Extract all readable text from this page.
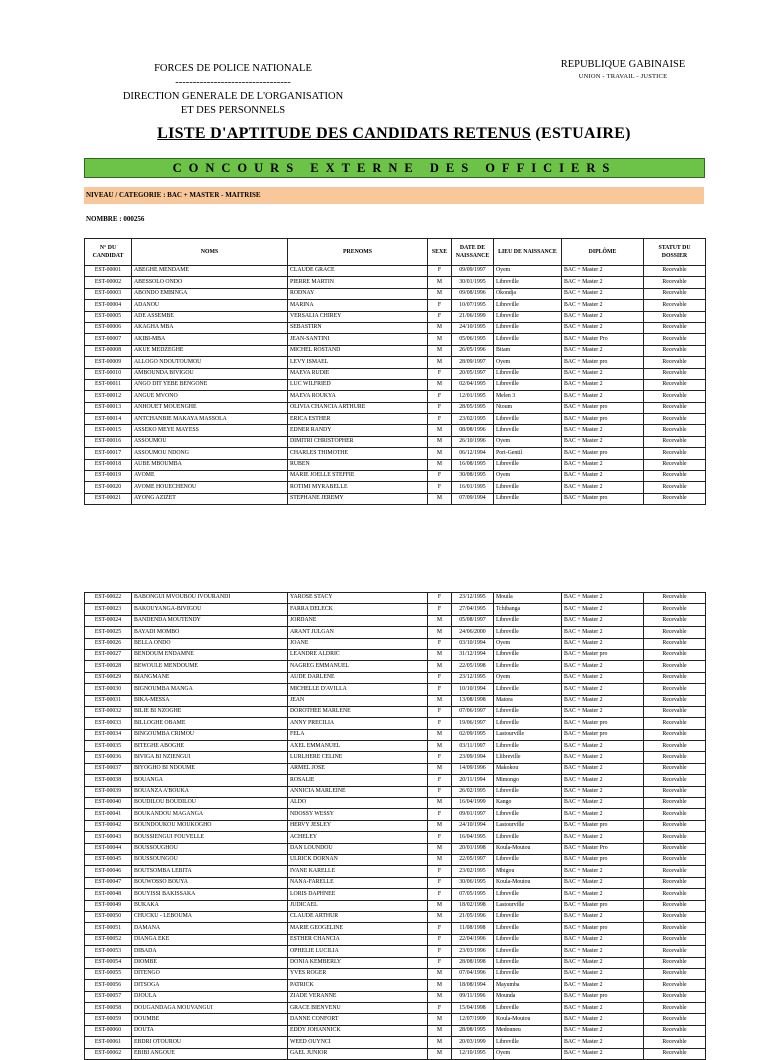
FORCES DE POLICE NATIONALE
---------------------------------
DIRECTION GENERALE DE L'ORGANISATION
ET DES PERSONNELS
REPUBLIQUE GABINAISE
UNION - TRAVAIL - JUSTICE
LISTE D'APTITUDE DES CANDIDATS RETENUS (ESTUAIRE)
CONCOURS EXTERNE DES OFFICIERS
NIVEAU / CATEGORIE : BAC + MASTER - MAITRISE
NOMBRE : 000256
N° DU CANDIDAT	NOMS	PRENOMS	SEXE	DATE DE NAISSANCE	LIEU DE NAISSANCE	DIPLÔME	STATUT DU DOSSIER
EST-00001	ABEGHE MENDAME	CLAUDE GRACE	F	09/09/1997	Oyem	BAC + Master 2	Recevable
EST-00002	ABESSOLO ONDO	PIERRE MARTIN	M	30/01/1995	Libreville	BAC + Master 2	Recevable
EST-00003	ABONDO EMBINGA	RODNAY	M	09/08/1996	Okondja	BAC + Master 2	Recevable
EST-00004	ADANOU	MARINA	F	10/07/1995	Libreville	BAC + Master 2	Recevable
EST-00005	ADE ASSEMBE	VERSALIA CHIREY	F	21/06/1999	Libreville	BAC + Master 2	Recevable
EST-00006	AKAGHA MBA	SEBASTIRN	M	24/10/1995	Libreville	BAC + Master 2	Recevable
EST-00007	AKIBI-MBA	JEAN-SANTINI	M	05/06/1995	Libreville	BAC + Master Pro	Recevable
EST-00008	AKUE MEDZEGHE	MICHEL ROSTAND	M	26/05/1996	Bitam	BAC + Master 2	Recevable
EST-00009	ALLOGO NDOUTOUMOU	LEVY ISMAEL	M	28/09/1997	Oyem	BAC + Master pro	Recevable
EST-00010	AMBOUNDA BIVIGOU	MAEVA RUDIE	F	20/05/1997	Libreville	BAC + Master 2	Recevable
EST-00011	ANGO DIT YEBE BENGONE	LUC WILFRIED	M	02/04/1995	Libreville	BAC + Master 2	Recevable
EST-00012	ANGUE MVONO	MAEVA ROUKYA	F	12/01/1995	Melen 3	BAC + Master 2	Recevable
EST-00013	ANHOUET MOUENGHE	OLIVIA CHANCIA ARTHURE	F	28/05/1995	Ntoum	BAC + Master pro	Recevable
EST-00014	ANTCHANBIE MAKAYA MASSOLA	ERICA ESTHER	F	23/02/1995	Libreville	BAC + Master pro	Recevable
EST-00015	ASSEKO MEYE MAYESS	EDNER RANDY	M	08/08/1996	Libreville	BAC + Master 2	Recevable
EST-00016	ASSOUMOU	DIMITRI CHRISTOPHER	M	26/10/1996	Oyem	BAC + Master 2	Recevable
EST-00017	ASSOUMOU NDONG	CHARLES THIMOTHE	M	06/12/1994	Port-Gentil	BAC + Master pro	Recevable
EST-00018	AUBE MBOUMBA	RUBEN	M	16/08/1995	Libreville	BAC + Master 2	Recevable
EST-00019	AVOME	MARIE JOELLE STEFFIE	F	30/08/1995	Oyem	BAC + Master 2	Recevable
EST-00020	AVOME HOUECHENOU	ROTIMI MYRABELLE	F	16/01/1995	Libreville	BAC + Master 2	Recevable
EST-00021	AYONG AZIZET	STEPHANE JEREMY	M	07/09/1994	Libreville	BAC + Master pro	Recevable
EST-00022	BABONGUI MVOUBOU IVOURANDI	YAROSE STACY	F	23/12/1995	Mouila	BAC + Master 2	Recevable
EST-00023	BAKOUYANGA-BIVIGOU	FARRA DELECK	F	27/04/1995	Tchibanga	BAC + Master 2	Recevable
EST-00024	BANDENDA MOUTENDY	JORDANE	M	05/08/1997	Libreville	BAC + Master 2	Recevable
EST-00025	BAYADI MOMBO	ARANT JULGAN	M	24/06/2000	Libreville	BAC + Master 2	Recevable
EST-00026	BELLA ONDO	JOANE	F	03/10/1994	Oyem	BAC + Master 2	Recevable
EST-00027	BENDOUM ENDAMNE	LEANDRE ALDRIC	M	31/12/1994	Libreville	BAC + Master pro	Recevable
EST-00028	BEWOULE MENDOUME	NAGREG EMMANUEL	M	22/05/1998	Libreville	BAC + Master 2	Recevable
EST-00029	BIANGMANE	AUDE DARLENE	F	23/12/1995	Oyem	BAC + Master 2	Recevable
EST-00030	BIGNOUMBA MANGA	MICHELLE D'AVILLA	F	10/10/1994	Libreville	BAC + Master 2	Recevable
EST-00031	BIKA-MESSA	JEAN	M	13/08/1998	Matora	BAC + Master 2	Recevable
EST-00032	BILIE BI NZOGHE	DOROTHEE MARLENE	F	07/06/1997	Libreville	BAC + Master 2	Recevable
EST-00033	BILLOGHE OBAME	ANNY PRECILIA	F	19/06/1997	Libreville	BAC + Master pro	Recevable
EST-00034	BINGOUMBA CRIMOU	FELA	M	02/09/1995	Lastourville	BAC + Master pro	Recevable
EST-00035	BITEGHE ABOGHE	AXEL EMMANUEL	M	03/11/1997	Libreville	BAC + Master 2	Recevable
EST-00036	BIVIGA BI NZIENGUI	LURLHERE CELINE	F	23/09/1994	Llibreville	BAC + Master 2	Recevable
EST-00037	BIYOGHO BI NDOUME	ARMEL JOSE	M	14/09/1996	Makokou	BAC + Master 2	Recevable
EST-00038	BOUANGA	ROSALIE	F	20/11/1994	Mimongo	BAC + Master 2	Recevable
EST-00039	BOUANZA A'BOUKA	ANNICIA MARLEINE	F	26/02/1995	Libreville	BAC + Master 2	Recevable
EST-00040	BOUDILOU BOUDILOU	ALDO	M	16/04/1999	Kango	BAC + Master 2	Recevable
EST-00041	BOUKANDOU MAGANGA	NDOSSY WESSY	F	09/01/1997	Libreville	BAC + Master 2	Recevable
EST-00042	BOUNDOUKOU MOUKOGHO	HERVY JESLEY	M	24/10/1994	Lastourville	BAC + Master pro	Recevable
EST-00043	BOUSSIENGUI FOUVELLE	ACHELEY	F	16/04/1995	Libreville	BAC + Master 2	Recevable
EST-00044	BOUSSOUGHOU	DAN LOUNDOU	M	20/01/1998	Koula-Moutou	BAC + Master Pro	Recevable
EST-00045	BOUSSOUNGOU	ULRICK DORNAN	M	22/05/1997	Libreville	BAC + Master pro	Recevable
EST-00046	BOUTSOMBA LEBITA	IVANE KARELLE	F	23/02/1995	Mbigou	BAC + Master 2	Recevable
EST-00047	BOUWOSSO BOUYA	NANA-FARELLE	F	30/06/1995	Koula-Moutou	BAC + Master 2	Recevable
EST-00048	BOUYISSI BAKISSAKA	LORIS DAPHNEE	F	07/05/1995	Libreville	BAC + Master 2	Recevable
EST-00049	BUKAKA	JUDICAEL	M	18/02/1998	Lastourville	BAC + Master pro	Recevable
EST-00050	CHUCKU - LEBOUMA	CLAUDE ARTHUR	M	21/05/1996	Libreville	BAC + Master 2	Recevable
EST-00051	DAMANA	MARIE GEOGELINE	F	11/08/1998	Libreville	BAC + Master pro	Recevable
EST-00052	DIANGA EKE	ESTHER CHANCIA	F	22/04/1996	Libreville	BAC + Master 2	Recevable
EST-00053	DIBADA	OPHELIE LUCILIA	F	23/03/1996	Libreville	BAC + Master 2	Recevable
EST-00054	DIOMBE	DONIA KEMBERLY	F	28/08/1998	Libreville	BAC + Master 2	Recevable
EST-00055	DITENGO	YVES ROGER	M	07/04/1996	Libreville	BAC + Master 2	Recevable
EST-00056	DITSOGA	PATRICK	M	18/08/1994	Mayumba	BAC + Master 2	Recevable
EST-00057	DJOULA	ZIADE VERANNE	M	09/11/1996	Mounda	BAC + Master pro	Recevable
EST-00058	DOUGANDAGA MOUVANGUI	GRACE BIENVENU	F	15/04/1998	Libreville	BAC + Master 2	Recevable
EST-00059	DOUMBE	DANNE CONFORT	M	12/07/1999	Koula-Moutou	BAC + Master 2	Recevable
EST-00060	DOUTA	EDDY JOHANNICK	M	28/08/1995	Medouneu	BAC + Master 2	Recevable
EST-00061	EBDRI OTOUROU	WEED OUYNCI	M	20/03/1999	Libreville	BAC + Master 2	Recevable
EST-00062	EBIBI ANGOUE	GAEL JUNIOR	M	12/10/1995	Oyem	BAC + Master 2	Recevable
